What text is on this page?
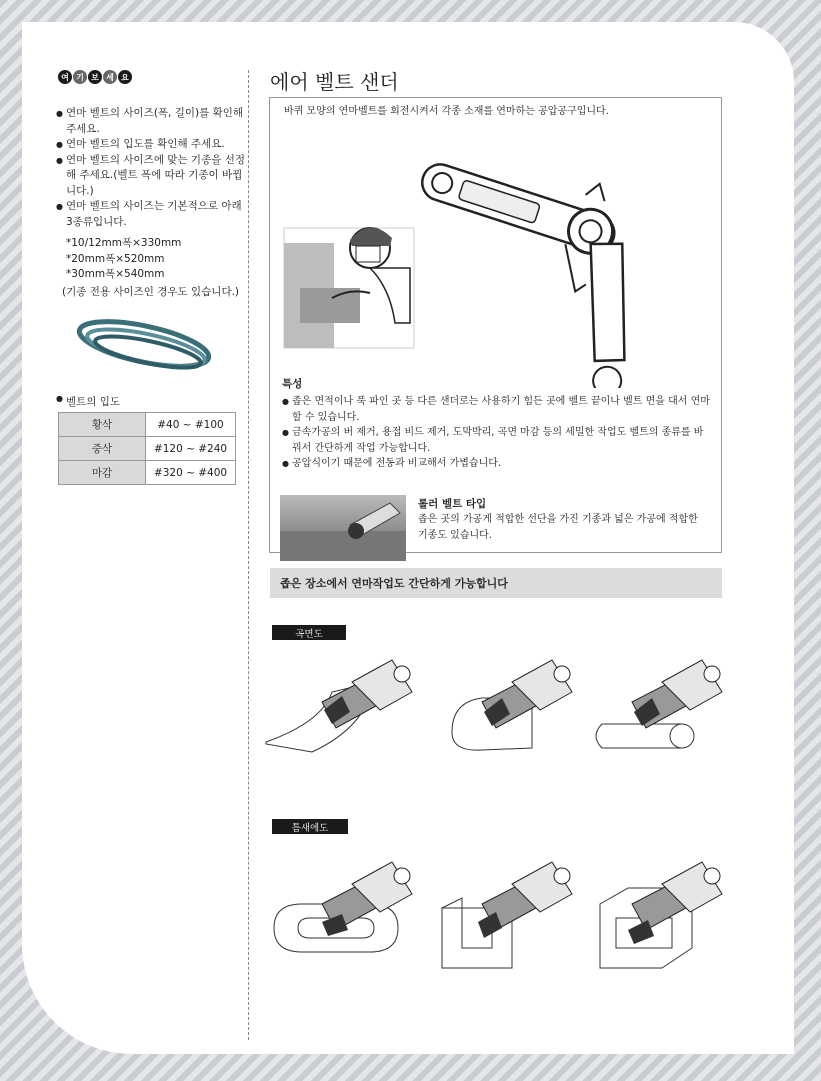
여 기 보 세 요
● 연마 벨트의 사이즈(폭, 길이)를 확인해 주세요.
● 연마 벨트의 입도를 확인해 주세요.
● 연마 벨트의 사이즈에 맞는 기종을 선정해 주세요.(벨트 폭에 따라 기종이 바뀝니다.)
● 연마 벨트의 사이즈는 기본적으로 아래 3종류입니다.
*10/12mm폭×330mm
*20mm폭×520mm
*30mm폭×540mm
(기종 전용 사이즈인 경우도 있습니다.)
● 벨트의 입도
황삭	#40 ~ #100
중삭	#120 ~ #240
마감	#320 ~ #400
에어 벨트 샌더
바퀴 모양의 연마벨트를 회전시켜서 각종 소재를 연마하는 공압공구입니다.
특성
● 좁은 면적이나 푹 파인 곳 등 다른 샌더로는 사용하기 힘든 곳에 벨트 끝이나 벨트 면을 대서 연마할 수 있습니다.
● 금속가공의 버 제거, 용접 비드 제거, 도막박리, 곡면 마감 등의 세밀한 작업도 벨트의 종류를 바꿔서 간단하게 작업 가능합니다.
● 공압식이기 때문에 전동과 비교해서 가볍습니다.
롤러 벨트 타입
좁은 곳의 가공게 적합한 선단을 가진 기종과 넓은 가공에 적합한 기종도 있습니다.
좁은 장소에서 연마작업도 간단하게 가능합니다
곡면도
틈새에도
